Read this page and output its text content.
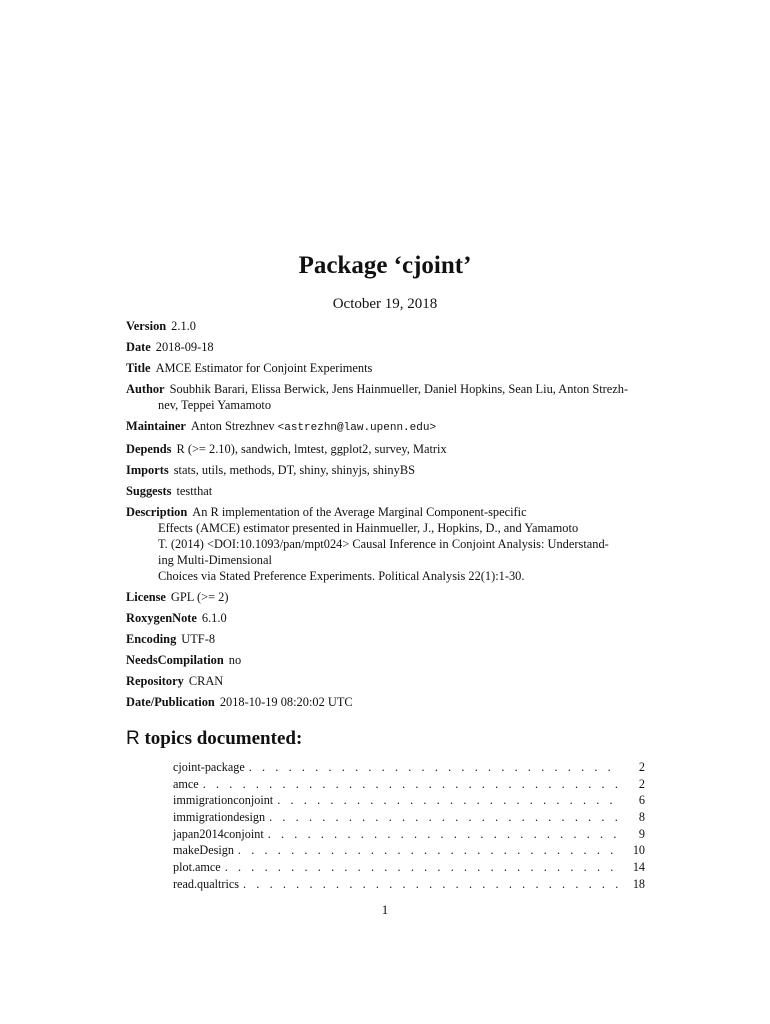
Package ‘cjoint’
October 19, 2018
Version 2.1.0
Date 2018-09-18
Title AMCE Estimator for Conjoint Experiments
Author Soubhik Barari, Elissa Berwick, Jens Hainmueller, Daniel Hopkins, Sean Liu, Anton Strezh-nev, Teppei Yamamoto
Maintainer Anton Strezhnev <astrezhn@law.upenn.edu>
Depends R (>= 2.10), sandwich, lmtest, ggplot2, survey, Matrix
Imports stats, utils, methods, DT, shiny, shinyjs, shinyBS
Suggests testthat
Description An R implementation of the Average Marginal Component-specific
Effects (AMCE) estimator presented in Hainmueller, J., Hopkins, D., and Yamamoto
T. (2014) <DOI:10.1093/pan/mpt024> Causal Inference in Conjoint Analysis: Understand-
ing Multi-Dimensional
Choices via Stated Preference Experiments. Political Analysis 22(1):1-30.
License GPL (>= 2)
RoxygenNote 6.1.0
Encoding UTF-8
NeedsCompilation no
Repository CRAN
Date/Publication 2018-10-19 08:20:02 UTC
R topics documented:
cjoint-package . . .	2
amce . . .	2
immigrationconjoint . . .	6
immigrationdesign . . .	8
japan2014conjoint . . .	9
makeDesign . . .	10
plot.amce . . .	14
read.qualtrics . . .	18
1
